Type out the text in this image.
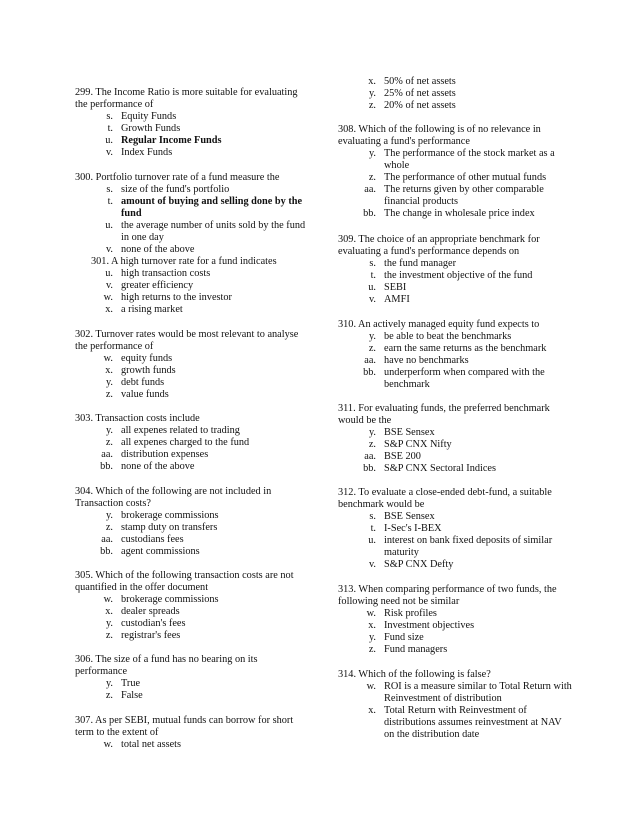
299. The Income Ratio is more suitable for evaluating the performance of
s. Equity Funds
t. Growth Funds
u. Regular Income Funds
v. Index Funds
300. Portfolio turnover rate of a fund measure the
s. size of the fund's portfolio
t. amount of buying and selling done by the fund
u. the average number of units sold by the fund in one day
v. none of the above
301. A high turnover rate for a fund indicates
u. high transaction costs
v. greater efficiency
w. high returns to the investor
x. a rising market
302. Turnover rates would be most relevant to analyse the performance of
w. equity funds
x. growth funds
y. debt funds
z. value funds
303. Transaction costs include
y. all expenes related to trading
z. all expenes charged to the fund
aa. distribution expenses
bb. none of the above
304. Which of the following are not included in Transaction costs?
y. brokerage commissions
z. stamp duty on transfers
aa. custodians fees
bb. agent commissions
305. Which of the following transaction costs are not quantified in the offer document
w. brokerage commissions
x. dealer spreads
y. custodian's fees
z. registrar's fees
306. The size of a fund has no bearing on its performance
y. True
z. False
307. As per SEBI, mutual funds can borrow for short term to the extent of
w. total net assets
x. 50% of net assets
y. 25% of net assets
z. 20% of net assets
308. Which of the following is of no relevance in evaluating a fund's performance
y. The performance of the stock market as a whole
z. The performance of other mutual funds
aa. The returns given by other comparable financial products
bb. The change in wholesale price index
309. The choice of an appropriate benchmark for evaluating a fund's performance depends on
s. the fund manager
t. the investment objective of the fund
u. SEBI
v. AMFI
310. An actively managed equity fund expects to
y. be able to beat the benchmarks
z. earn the same returns as the benchmark
aa. have no benchmarks
bb. underperform when compared with the benchmark
311. For evaluating funds, the preferred benchmark would be the
y. BSE Sensex
z. S&P CNX Nifty
aa. BSE 200
bb. S&P CNX Sectoral Indices
312. To evaluate a close-ended debt-fund, a suitable benchmark would be
s. BSE Sensex
t. I-Sec's I-BEX
u. interest on bank fixed deposits of similar maturity
v. S&P CNX Defty
313. When comparing performance of two funds, the following need not be similar
w. Risk profiles
x. Investment objectives
y. Fund size
z. Fund managers
314. Which of the following is false?
w. ROI is a measure similar to Total Return with Reinvestment of distribution
x. Total Return with Reinvestment of distributions assumes reinvestment at NAV on the distribution date
